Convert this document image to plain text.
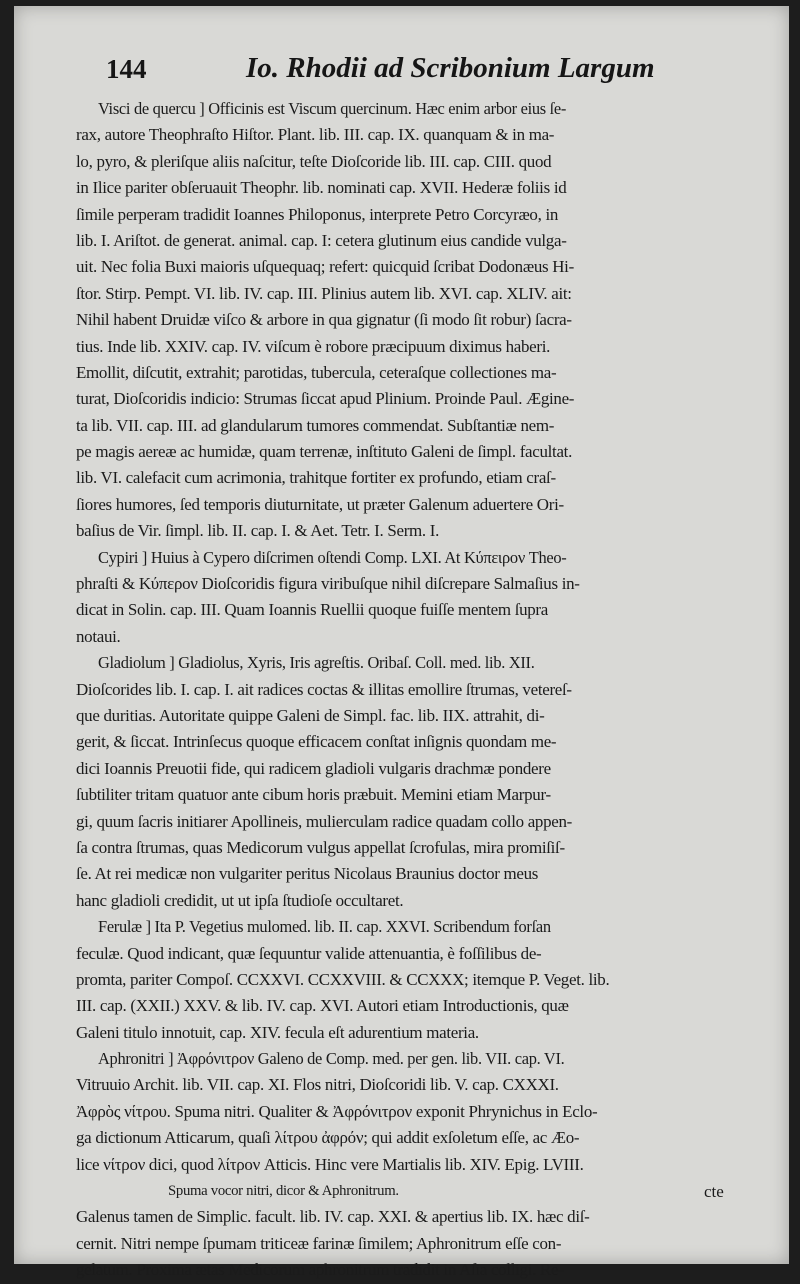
144	Io. Rhodii ad Scribonium Largum
Visci de quercu ] Officinis est Viscum quercinum. Hæc enim arbor eius ſe-
rax, autore Theophraſto Hiſtor. Plant. lib. III. cap. IX. quanquam & in ma-
lo, pyro, & pleriſque aliis naſcitur, teſte Dioſcoride lib. III. cap. CIII. quod
in Ilice pariter obſeruauit Theophr. lib. nominati cap. XVII. Hederæ foliis id
ſimile perperam tradidit Ioannes Philoponus, interprete Petro Corcyræo, in
lib. I. Ariſtot. de generat. animal. cap. I: cetera glutinum eius candide vulga-
uit. Nec folia Buxi maioris uſquequaq; refert: quicquid ſcribat Dodonæus Hi-
ſtor. Stirp. Pempt. VI. lib. IV. cap. III. Plinius autem lib. XVI. cap. XLIV. ait:
Nihil habent Druidæ viſco & arbore in qua gignatur (ſi modo ſit robur) ſacra-
tius. Inde lib. XXIV. cap. IV. viſcum è robore præcipuum diximus haberi.
Emollit, diſcutit, extrahit; parotidas, tubercula, ceteraſque collectiones ma-
turat, Dioſcoridis indicio: Strumas ſiccat apud Plinium. Proinde Paul. Ægine-
ta lib. VII. cap. III. ad glandularum tumores commendat. Subſtantiæ nem-
pe magis aereæ ac humidæ, quam terrenæ, inſtituto Galeni de ſimpl. facultat.
lib. VI. calefacit cum acrimonia, trahitque fortiter ex profundo, etiam craſ-
ſiores humores, ſed temporis diuturnitate, ut præter Galenum aduertere Ori-
baſius de Vir. ſimpl. lib. II. cap. I. & Aet. Tetr. I. Serm. I.
Cypiri ] Huius à Cypero diſcrimen oſtendi Comp. LXI. At Κύπειρον Theo-
phraſti & Κύπερον Dioſcoridis figura viribuſque nihil diſcrepare Salmaſius in-
dicat in Solin. cap. III. Quam Ioannis Ruellii quoque fuiſſe mentem ſupra
notaui.
Gladiolum ] Gladiolus, Xyris, Iris agreſtis. Oribaſ. Coll. med. lib. XII.
Dioſcorides lib. I. cap. I. ait radices coctas & illitas emollire ſtrumas, vetereſ-
que duritias. Autoritate quippe Galeni de Simpl. fac. lib. IIX. attrahit, di-
gerit, & ſiccat. Intrinſecus quoque efficacem conſtat inſignis quondam me-
dici Ioannis Preuotii fide, qui radicem gladioli vulgaris drachmæ pondere
ſubtiliter tritam quatuor ante cibum horis præbuit. Memini etiam Marpur-
gi, quum ſacris initiarer Apollineis, mulierculam radice quadam collo appen-
ſa contra ſtrumas, quas Medicorum vulgus appellat ſcrofulas, mira promiſiſ-
ſe. At rei medicæ non vulgariter peritus Nicolaus Braunius doctor meus
hanc gladioli credidit, ut ut ipſa ſtudioſe occultaret.
Ferulæ ] Ita P. Vegetius mulomed. lib. II. cap. XXVI. Scribendum forſan
feculæ. Quod indicant, quæ ſequuntur valide attenuantia, è foſſilibus de-
promta, pariter Compoſ. CCXXVI. CCXXVIII. & CCXXX; itemque P. Veget. lib.
III. cap. (XXII.) XXV. & lib. IV. cap. XVI. Autori etiam Introductionis, quæ
Galeni titulo innotuit, cap. XIV. fecula eſt adurentium materia.
Aphronitri ] Ἀφρόνιτρον Galeno de Comp. med. per gen. lib. VII. cap. VI.
Vitruuio Archit. lib. VII. cap. XI. Flos nitri, Dioſcoridi lib. V. cap. CXXXI.
Ἀφρὸς νίτρου. Spuma nitri. Qualiter & Ἀφρόνιτρον exponit Phrynichus in Eclo-
ga dictionum Atticarum, quaſi λίτρου ἀφρόν; qui addit exſoletum eſſe, ac Æo-
lice νίτρον dici, quod λίτρον Atticis. Hinc vere Martialis lib. XIV. Epig. LVIII.
Spuma vocor nitri, dicor & Aphronitrum.
Galenus tamen de Simplic. facult. lib. IV. cap. XXI. & apertius lib. IX. hæc diſ-
cernit. Nitri nempe ſpumam triticeæ farinæ ſimilem; Aphronitrum eſſe con-
gelatum. Proxima ætas Medicorum aphronitrum tradidit in Aſia colligi. Re-
cte
